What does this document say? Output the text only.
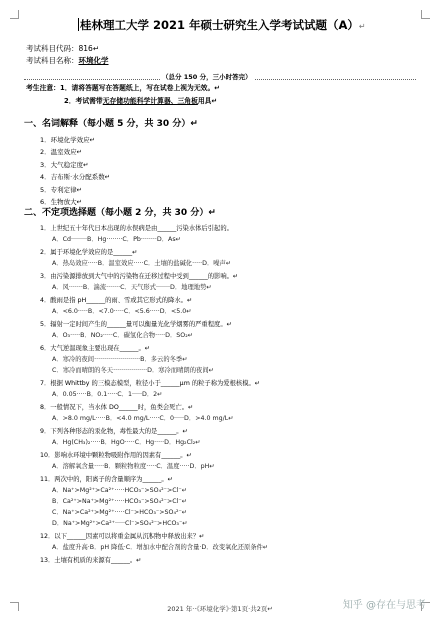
桂林理工大学 2021 年硕士研究生入学考试试题（A）↵
考试科目代码：816↵
考试科目名称：环境化学
（总分 150 分，三小时答完）
考生注意：1．请将答题写在答题纸上，写在试卷上视为无效。↵
2．考试需带无存储功能科学计算器、三角板用具↵
一、名词解释（每小题 5 分，共 30 分）↵
1．环境化学效应↵
2．温室效应↵
3．大气稳定度↵
4．吉布斯·水分配系数↵
5．专利定律↵
6．生物放大↵
二、不定项选择题（每小题 2 分，共 30 分）↵
1．上世纪五十年代日本出现的水俣病是由______污染水体后引起的。
A．Cd········B．Hg········C．Pb········D．As↵
2．属于环境化学效应的是______↵
A．热岛效应·····B．温室效应·····C．土壤的盐碱化·····D．噪声↵
3．由污染源排放到大气中的污染物在迁移过程中受到______的影响。↵
A．风·······B．湍流·······C．天气形式·······D．地理地势↵
4．酸雨是指 pH______的雨、雪或其它形式的降水。↵
A．<6.0·····B．<7.0·····C．<5.6·····D．<5.0↵
5．辐射一定时间产生的______量可以衡量光化学烟雾的严重程度。↵
A．O₃·····B．NO₂·····C．碳氢化合物·····D．SO₂↵
6．大气逆温现象主要出现在______。↵
A．寒冷的夜间·······················B．多云的冬季↵
C．寒冷而晴朗的冬天·················D．寒冷而晴朗的夜间↵
7．根据 Whittby 的三模态模型，粒径小于______μm 的粒子称为爱根核模。↵
A．0.05·····B．0.1·····C．1·····D．2↵
8．一般情况下，当水体 DO______时，鱼类会死亡。↵
A．>8.0 mg/L·····B．<4.0 mg/L·····C．0·····D．>4.0 mg/L↵
9．下列各种形态的汞化物，毒性最大的是______。↵
A．Hg(CH₃)₂·····B．HgO·····C．Hg·····D．Hg₂Cl₂↵
10．影响水环境中颗粒物吸附作用的因素有______。↵
A．溶解氧含量·····B．颗粒物粒度·····C．温度·····D．pH↵
11．两次中的，阳离子的含量顺序为______。↵
A．Na⁺>Mg²⁺>Ca²⁺·····HCO₃⁻>SO₄²⁻>Cl⁻↵
B．Ca²⁺>Na⁺>Mg²⁺·····HCO₃⁻>SO₄²⁻>Cl⁻↵
C．Na⁺>Ca²⁺>Mg²⁺·····Cl⁻>HCO₃⁻>SO₄²⁻↵
D．Na⁺>Mg²⁺>Ca²⁺·····Cl⁻>SO₄²⁻>HCO₃⁻↵
12．以下______因素可以将重金属从沉积物中释放出来？↵
A．盐度升高·B．pH 降低·C．增加水中配合剂的含量·D．改变氧化还原条件↵
13．土壤有机质的来源有______。↵
2021 年··《环境化学》·第1页·共2页↵	知乎 @存在与思考
